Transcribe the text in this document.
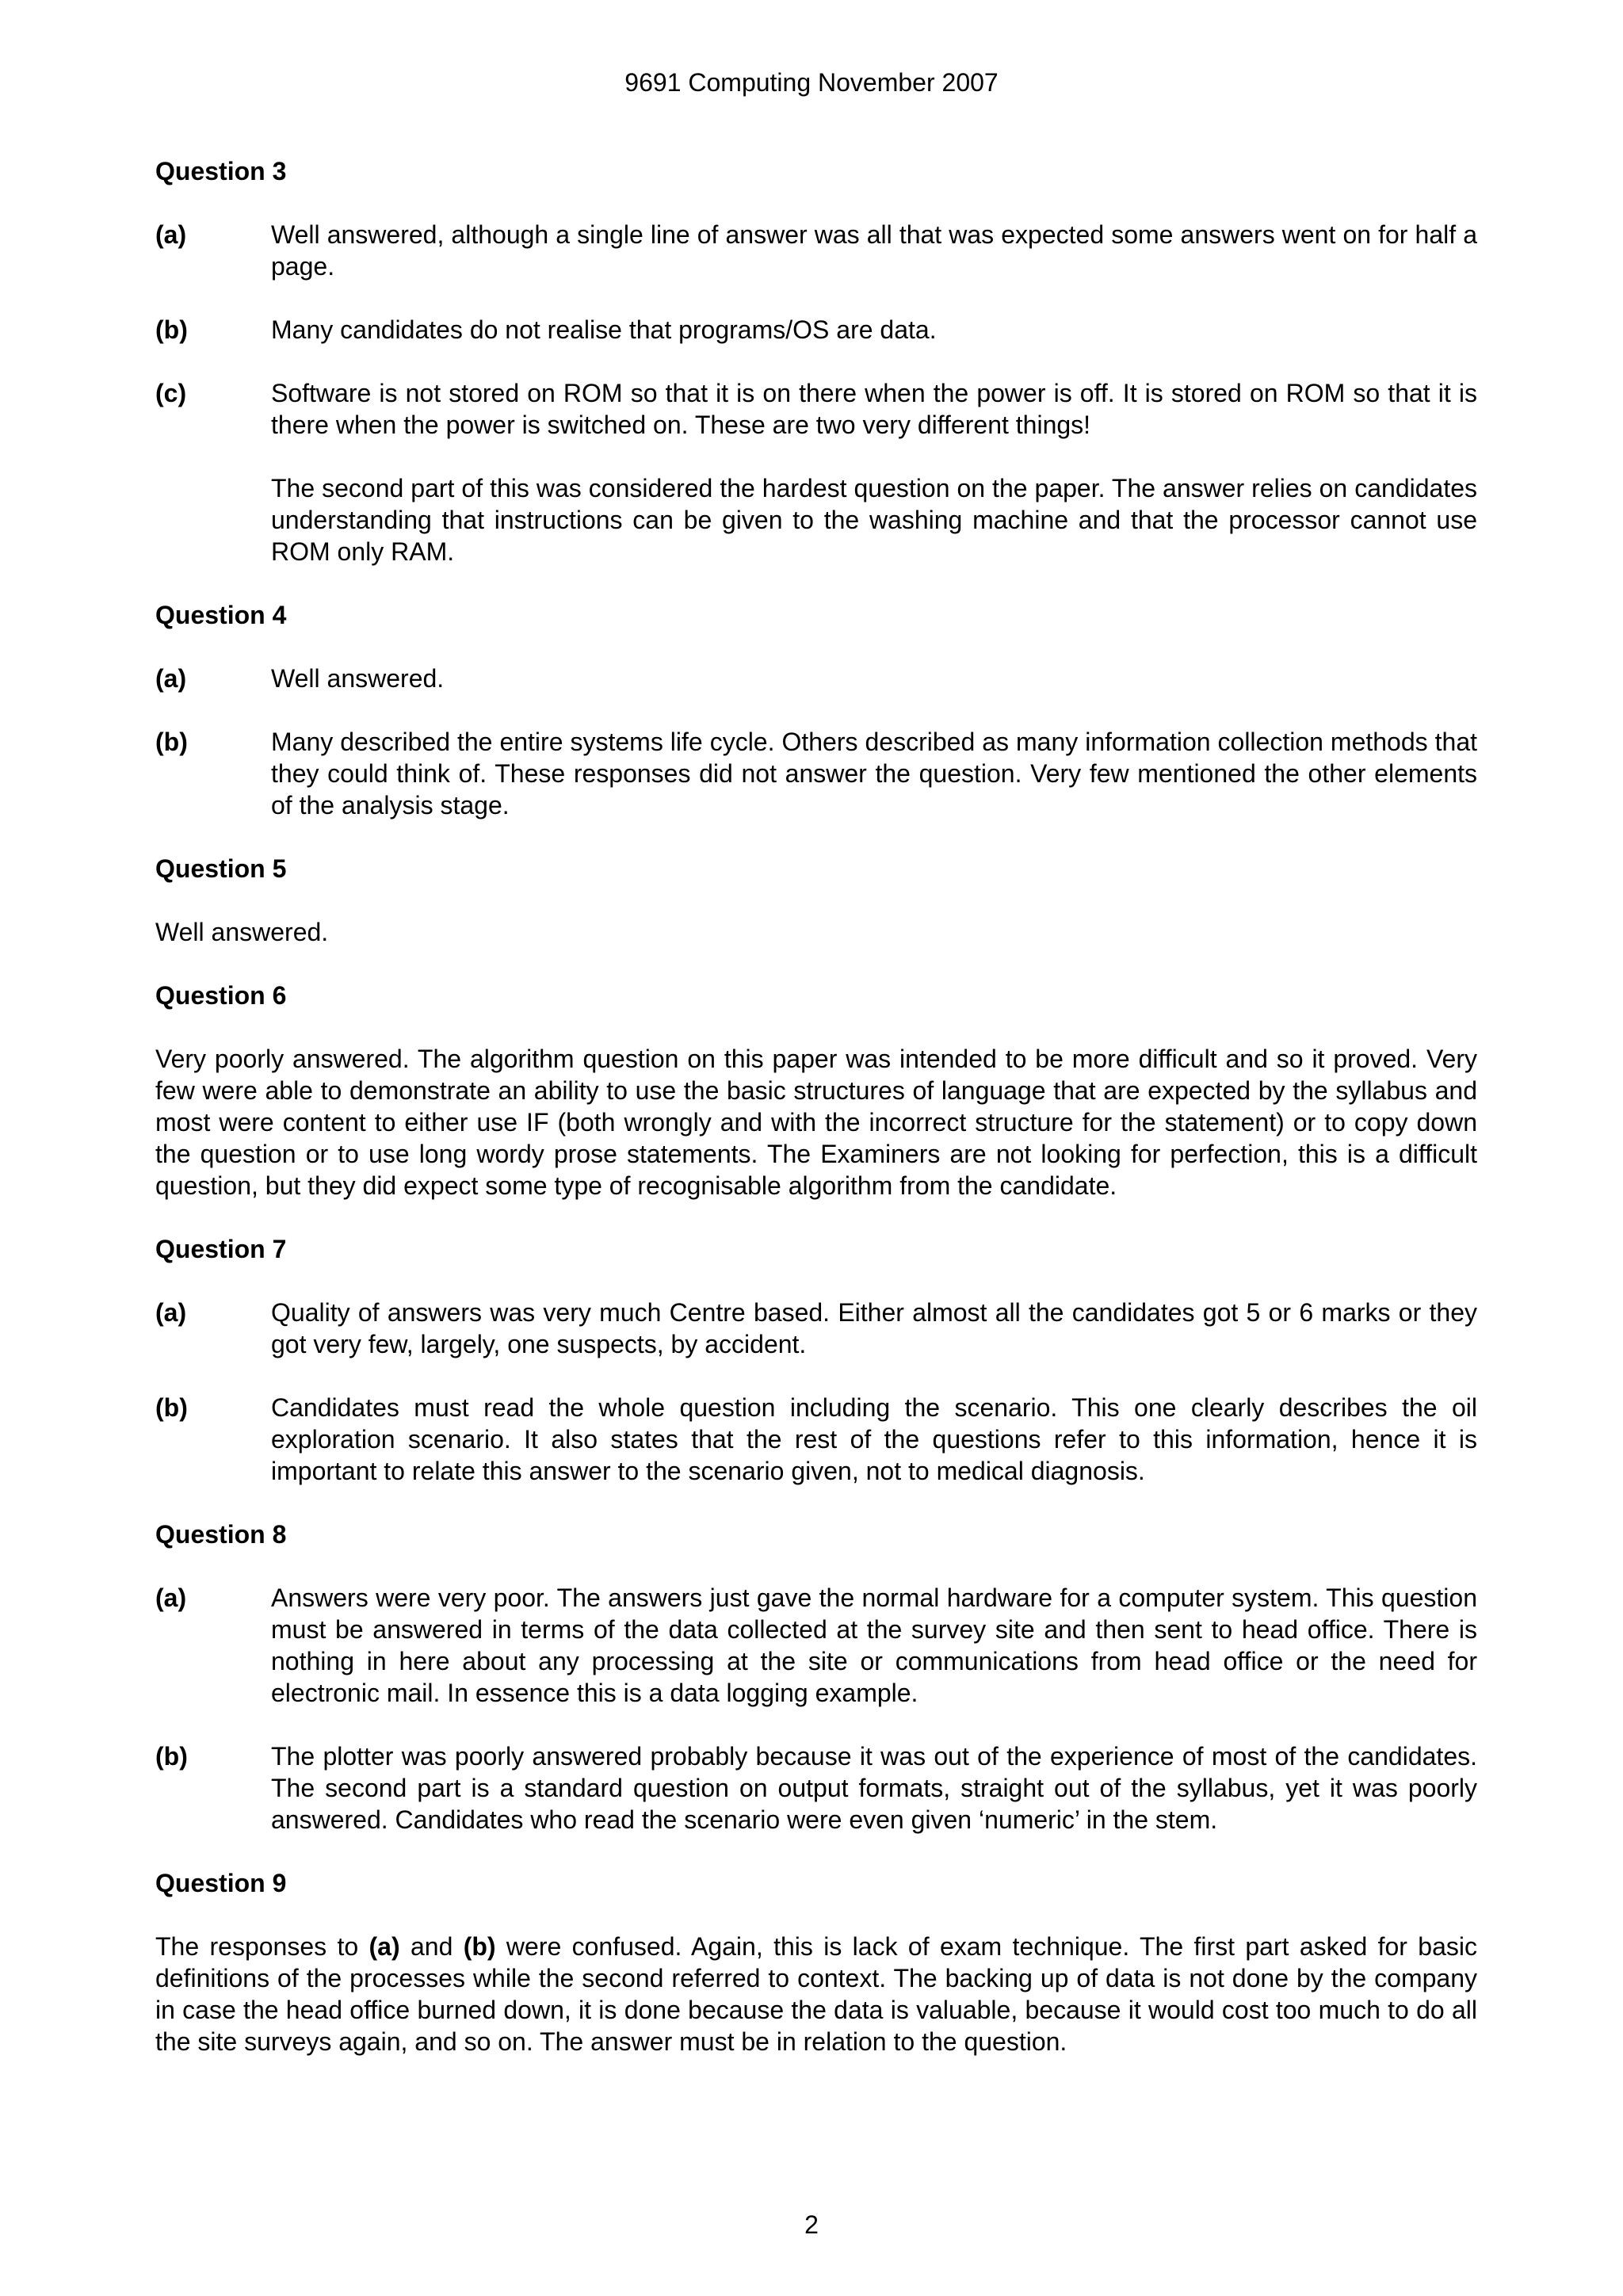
9691 Computing November 2007
Question 3
(a)	Well answered, although a single line of answer was all that was expected some answers went on for half a page.
(b)	Many candidates do not realise that programs/OS are data.
(c)	Software is not stored on ROM so that it is on there when the power is off. It is stored on ROM so that it is there when the power is switched on. These are two very different things!
The second part of this was considered the hardest question on the paper. The answer relies on candidates understanding that instructions can be given to the washing machine and that the processor cannot use ROM only RAM.
Question 4
(a)	Well answered.
(b)	Many described the entire systems life cycle. Others described as many information collection methods that they could think of. These responses did not answer the question. Very few mentioned the other elements of the analysis stage.
Question 5
Well answered.
Question 6
Very poorly answered. The algorithm question on this paper was intended to be more difficult and so it proved. Very few were able to demonstrate an ability to use the basic structures of language that are expected by the syllabus and most were content to either use IF (both wrongly and with the incorrect structure for the statement) or to copy down the question or to use long wordy prose statements. The Examiners are not looking for perfection, this is a difficult question, but they did expect some type of recognisable algorithm from the candidate.
Question 7
(a)	Quality of answers was very much Centre based. Either almost all the candidates got 5 or 6 marks or they got very few, largely, one suspects, by accident.
(b)	Candidates must read the whole question including the scenario. This one clearly describes the oil exploration scenario. It also states that the rest of the questions refer to this information, hence it is important to relate this answer to the scenario given, not to medical diagnosis.
Question 8
(a)	Answers were very poor. The answers just gave the normal hardware for a computer system. This question must be answered in terms of the data collected at the survey site and then sent to head office. There is nothing in here about any processing at the site or communications from head office or the need for electronic mail. In essence this is a data logging example.
(b)	The plotter was poorly answered probably because it was out of the experience of most of the candidates. The second part is a standard question on output formats, straight out of the syllabus, yet it was poorly answered. Candidates who read the scenario were even given ‘numeric’ in the stem.
Question 9
The responses to (a) and (b) were confused. Again, this is lack of exam technique. The first part asked for basic definitions of the processes while the second referred to context. The backing up of data is not done by the company in case the head office burned down, it is done because the data is valuable, because it would cost too much to do all the site surveys again, and so on. The answer must be in relation to the question.
2
